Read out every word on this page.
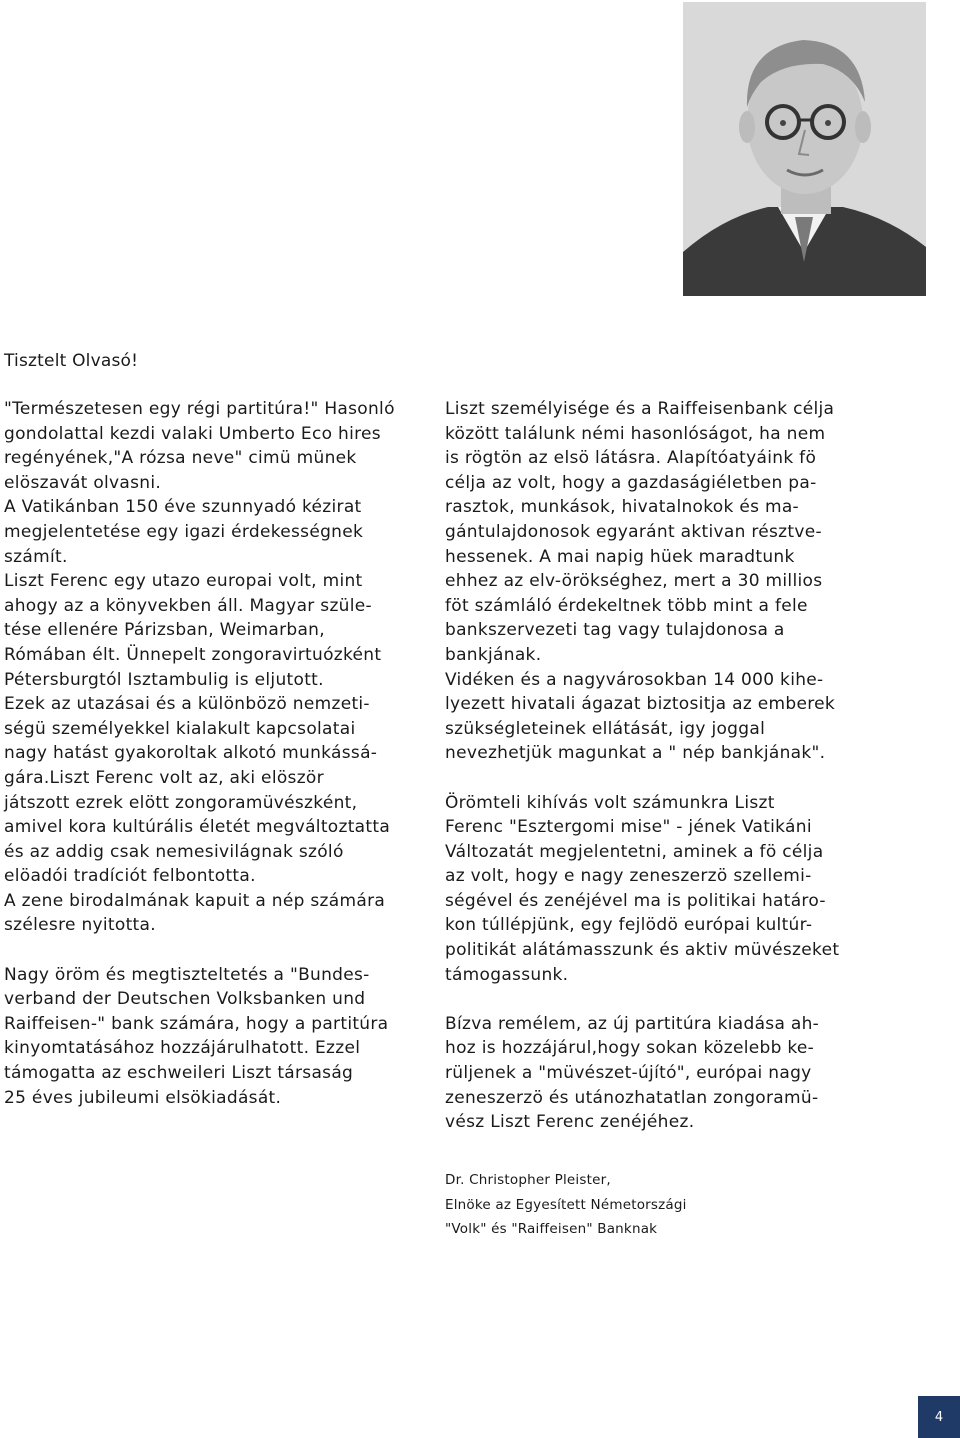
Tisztelt Olvasó!

"Természetesen egy régi partitúra!" Hasonló
gondolattal kezdi valaki Umberto Eco hires
regényének,"A rózsa neve" cimü münek
elöszavát olvasni.
A Vatikánban 150 éve szunnyadó kézirat
megjelentetése egy igazi érdekességnek
számít.
Liszt Ferenc egy utazo europai volt, mint
ahogy az a könyvekben áll. Magyar szüle-
tése ellenére Párizsban, Weimarban,
Rómában élt. Ünnepelt zongoravirtuózként
Pétersburgtól Isztambulig is eljutott.
Ezek az utazásai és a különbözö nemzeti-
ségü személyekkel kialakult kapcsolatai
nagy hatást gyakoroltak alkotó munkássá-
gára.Liszt Ferenc volt az, aki elöször
játszott ezrek elött zongoramüvészként,
amivel kora kultúrális életét megváltoztatta
és az addig csak nemesivilágnak szóló
elöadói tradíciót felbontotta.
A zene birodalmának kapuit a nép számára
szélesre nyitotta.

Nagy öröm és megtiszteltetés a "Bundes-
verband der Deutschen Volksbanken und
Raiffeisen-" bank számára, hogy a partitúra
kinyomtatásához hozzájárulhatott. Ezzel
támogatta az eschweileri Liszt társaság
25 éves jubileumi elsökiadását.

Liszt személyisége és a Raiffeisenbank célja
között találunk némi hasonlóságot, ha nem
is rögtön az elsö látásra. Alapítóatyáink fö
célja az volt, hogy a gazdaságiéletben pa-
rasztok, munkások, hivatalnokok és ma-
gántulajdonosok egyaránt aktivan résztve-
hessenek. A mai napig hüek maradtunk
ehhez az elv-örökséghez, mert a 30 millios
föt számláló érdekeltnek több mint a fele
bankszervezeti tag vagy tulajdonosa a
bankjának.
Vidéken és a nagyvárosokban 14 000 kihe-
lyezett hivatali ágazat biztositja az emberek
szükségleteinek ellátását, igy joggal
nevezhetjük magunkat a " nép bankjának".

Örömteli kihívás volt számunkra Liszt
Ferenc "Esztergomi mise" - jének Vatikáni
Változatát megjelentetni, aminek a fö célja
az volt, hogy e nagy zeneszerzö szellemi-
ségével és zenéjével ma is politikai határo-
kon túllépjünk, egy fejlödö európai kultúr-
politikát alátámasszunk és aktiv müvészeket
támogassunk.

Bízva remélem, az új partitúra kiadása ah-
hoz is hozzájárul,hogy sokan közelebb ke-
rüljenek a "müvészet-újító", európai nagy
zeneszerzö és utánozhatatlan zongoramü-
vész Liszt Ferenc zenéjéhez.

Dr. Christopher Pleister,
Elnöke az Egyesített Németországi
"Volk" és "Raiffeisen" Banknak
4
